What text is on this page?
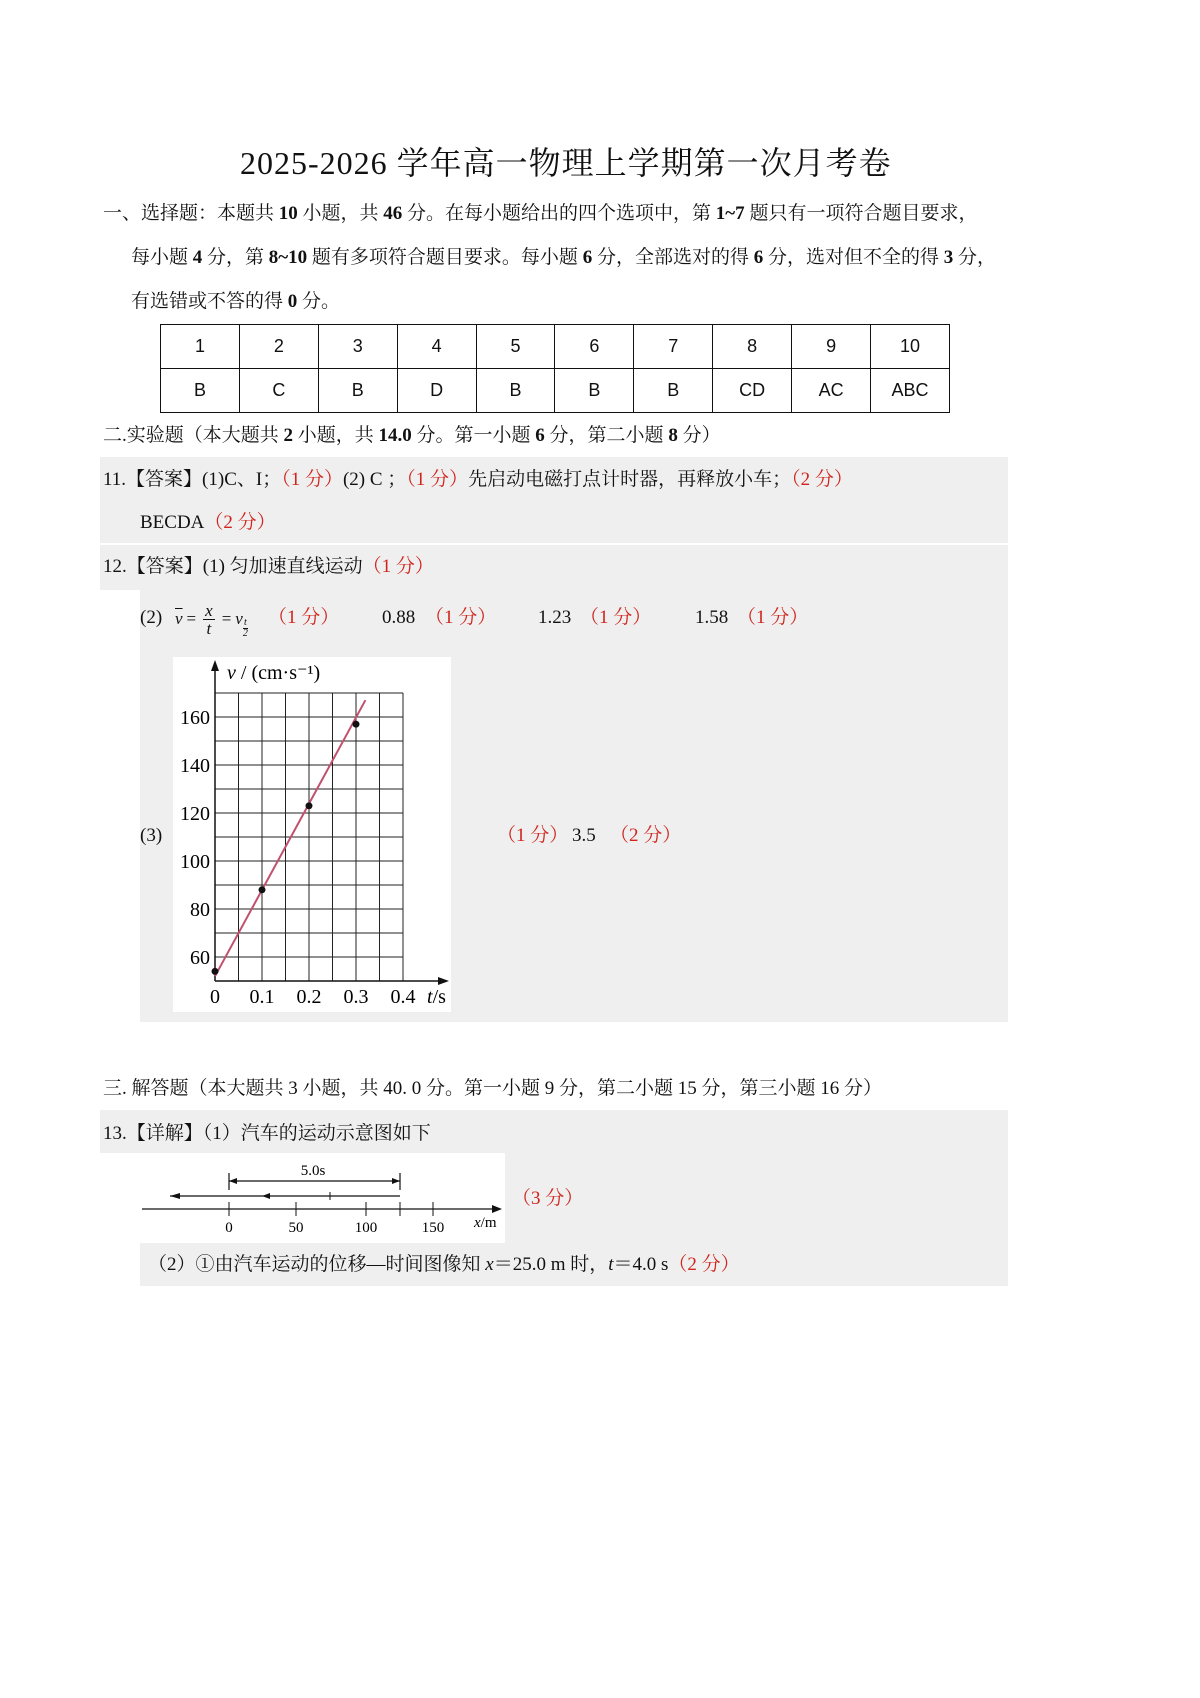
2025-2026 学年高一物理上学期第一次月考卷
一、选择题：本题共 10 小题，共 46 分。在每小题给出的四个选项中，第 1~7 题只有一项符合题目要求，
每小题 4 分，第 8~10 题有多项符合题目要求。每小题 6 分，全部选对的得 6 分，选对但不全的得 3 分，
有选错或不答的得 0 分。
1	2	3	4	5	6	7	8	9	10
B	C	B	D	B	B	B	CD	AC	ABC
二.实验题（本大题共 2 小题，共 14.0 分。第一小题 6 分，第二小题 8 分）
11.【答案】(1)C、I；（1 分）(2) C ；（1 分）先启动电磁打点计时器，再释放小车；（2 分）
BECDA（2 分）
12.【答案】(1) 匀加速直线运动（1 分）
(2) $\overline{v} = \frac{x}{t} = v \frac{t}{2} (1$ 分） 0.88 （1 分） 1.23 （1 分） 1.58 （1 分）
(3)
60
80
100
120
140
160
0 0.1 0.2 0.3 0.4
v / (cm·s⁻¹)
t/s
（1 分） 3.5 （2 分）
三. 解答题（本大题共 3 小题，共 40. 0 分。第一小题 9 分，第二小题 15 分，第三小题 16 分）
13.【详解】（1）汽车的运动示意图如下
5.0s
0	50	100	150 x/m
（3 分）
（2）①由汽车运动的位移—时间图像知 x＝25.0 m 时，t＝4.0 s（2 分）
